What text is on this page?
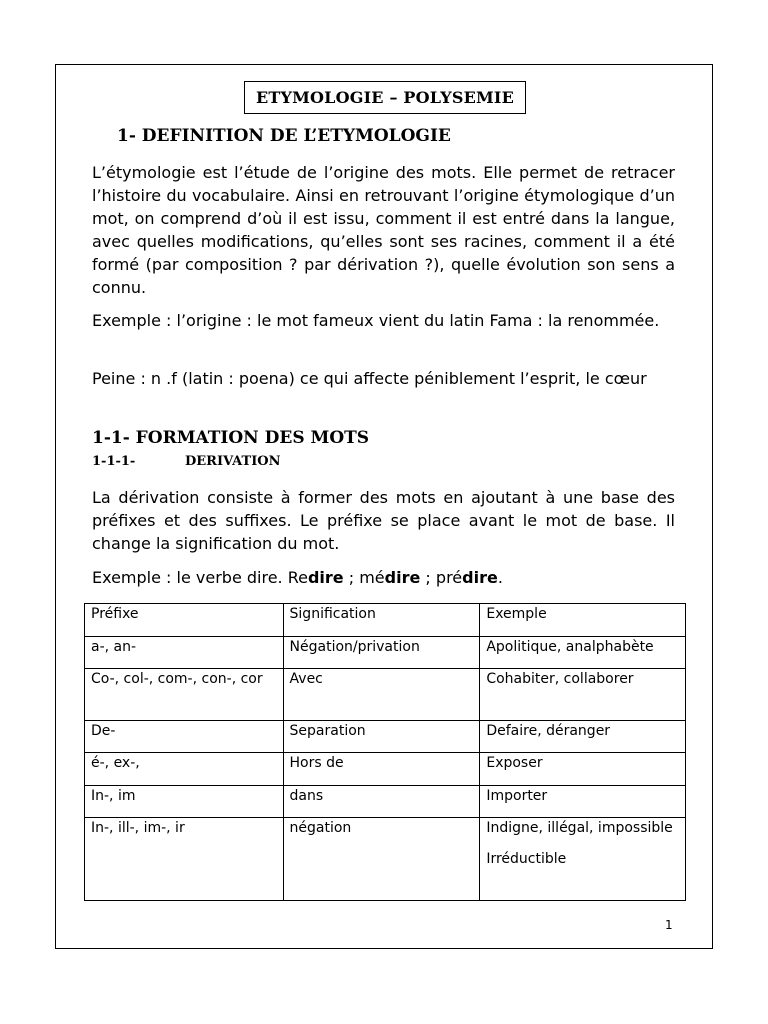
ETYMOLOGIE – POLYSEMIE
1- DEFINITION DE L’ETYMOLOGIE

L’étymologie est l’étude de l’origine des mots. Elle permet de retracer l’histoire du vocabulaire. Ainsi en retrouvant l’origine étymologique d’un mot, on comprend d’où il est issu, comment il est entré dans la langue, avec quelles modifications, qu’elles sont ses racines, comment il a été formé (par composition ? par dérivation ?), quelle évolution son sens a connu.

Exemple : l’origine : le mot fameux vient du latin Fama : la renommée.

Peine : n .f (latin : poena) ce qui affecte péniblement l’esprit, le cœur

1-1- FORMATION DES MOTS
1-1-1-	DERIVATION

La dérivation consiste à former des mots en ajoutant à une base des préfixes et des suffixes. Le préfixe se place avant le mot de base. Il change la signification du mot.

Exemple : le verbe dire. Redire ; médire ; prédire.

Préfixe	Signification	Exemple
a-, an-	Négation/privation	Apolitique, analphabète
Co-, col-, com-, con-, cor	Avec	Cohabiter, collaborer
De-	Separation	Defaire, déranger
é-, ex-,	Hors de	Exposer
In-, im	dans	Importer
In-, ill-, im-, ir	négation	Indigne, illégal, impossible
Irréductible
1
